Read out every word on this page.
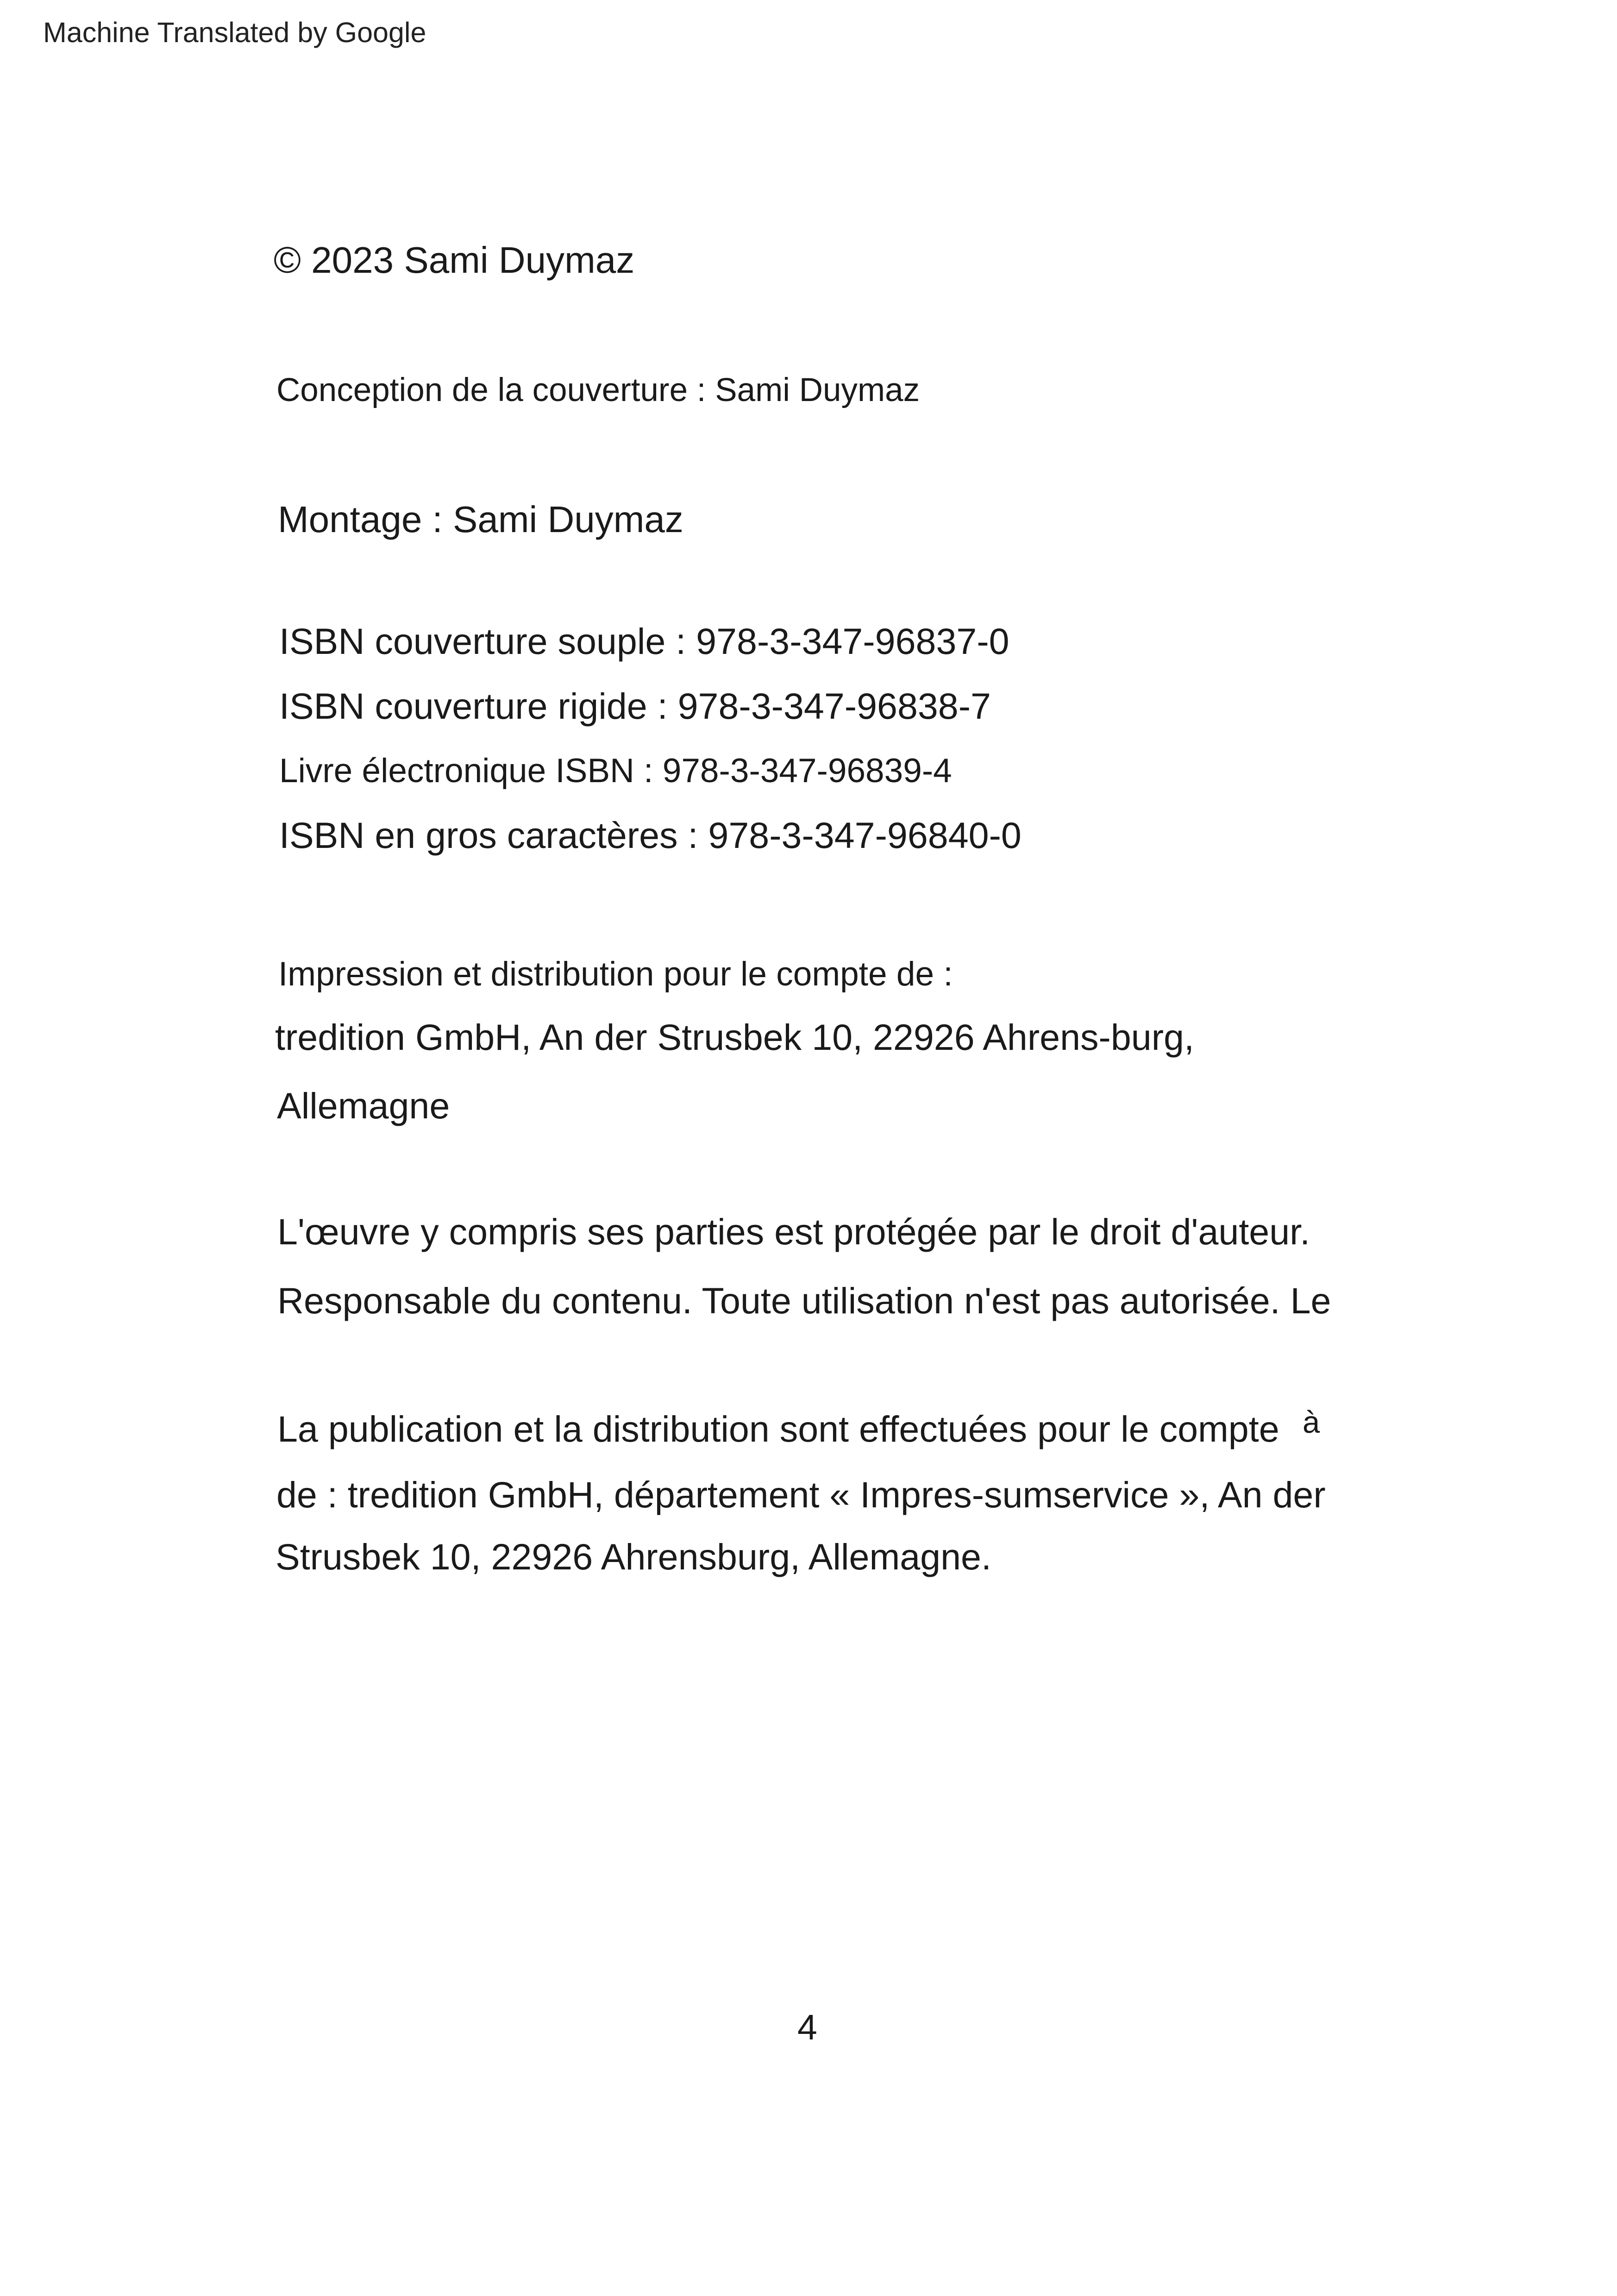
Machine Translated by Google
© 2023 Sami Duymaz
Conception de la couverture : Sami Duymaz
Montage : Sami Duymaz
ISBN couverture souple : 978-3-347-96837-0
ISBN couverture rigide : 978-3-347-96838-7
Livre électronique ISBN : 978-3-347-96839-4
ISBN en gros caractères : 978-3-347-96840-0
Impression et distribution pour le compte de :
tredition GmbH, An der Strusbek 10, 22926 Ahrens-burg,
Allemagne
L'œuvre y compris ses parties est protégée par le droit d'auteur.
Responsable du contenu. Toute utilisation n'est pas autorisée. Le
La publication et la distribution sont effectuées pour le compte à
de : tredition GmbH, département « Impres-sumservice », An der
Strusbek 10, 22926 Ahrensburg, Allemagne.
4
